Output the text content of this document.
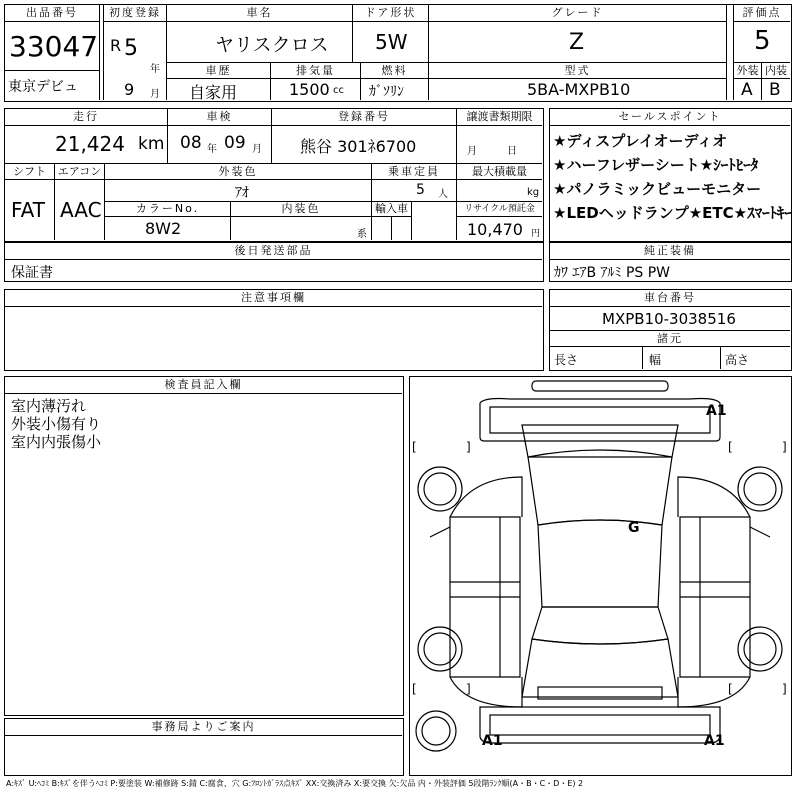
出品番号
33047
東京デビュ
初度登録
R 5
年
9 月
車名
ヤリスクロス
ドア形状
5W
グレード
Z
評価点
5
外装 内装
A B
車歴
自家用
排気量
1500 cc
燃料
ｶﾞｿﾘﾝ
型式
5BA-MXPB10
走行
21,424 km
車検
08 年 09 月
登録番号
熊谷 301ﾈ6700
譲渡書類期限
月	日
シフト
FAT
エアコン
AAC
外装色
ｱｵ
乗車定員
5 人
最大積載量
kg
カラーNo.
8W2
内装色
系
輸入車	リサイクル預託金
10,470 円
セールスポイント
★ディスプレイオーディオ
★ハーフレザーシート★ｼｰﾄﾋｰﾀ
★パノラミックビューモニター
★LEDヘッドランプ★ETC★ｽﾏｰﾄｷｰ
後日発送部品
保証書
純正装備
ｶﾜ ｴｱB ｱﾙﾐ PS PW
注意事項欄	車台番号
MXPB10-3038516
諸元
長さ	幅	高さ
検査員記入欄
室内薄汚れ
外装小傷有り
室内内張傷小
事務局よりご案内
[	]	[	]
[	]	[	]
A1
G
A1	A1
A:ｷｽﾞ U:ﾍｺﾐ B:ｷｽﾞを伴うﾍｺﾐ P:要塗装 W:補修跡 S:錆 C:腐食、穴 G:ﾌﾛﾝﾄｶﾞﾗｽ点ｷｽﾞ XX:交換済み X:要交換 欠:欠品 内・外装評価 5段階ﾗﾝｸ順(A・B・C・D・E) 2
